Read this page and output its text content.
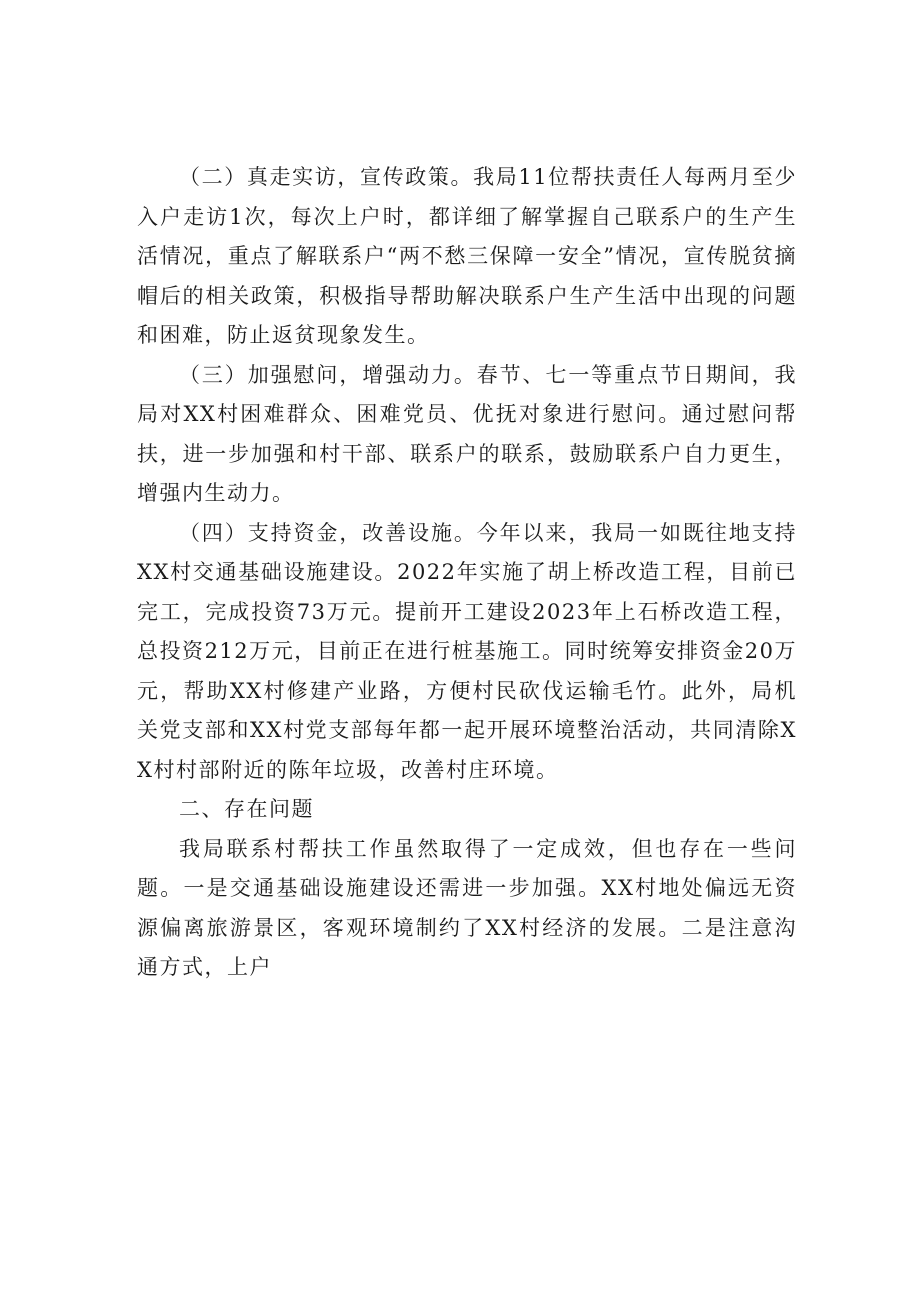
（二）真走实访，宣传政策。我局11位帮扶责任人每两月至少入户走访1次，每次上户时，都详细了解掌握自己联系户的生产生活情况，重点了解联系户“两不愁三保障一安全”情况，宣传脱贫摘帽后的相关政策，积极指导帮助解决联系户生产生活中出现的问题和困难，防止返贫现象发生。

（三）加强慰问，增强动力。春节、七一等重点节日期间，我局对XX村困难群众、困难党员、优抚对象进行慰问。通过慰问帮扶，进一步加强和村干部、联系户的联系，鼓励联系户自力更生，增强内生动力。

（四）支持资金，改善设施。今年以来，我局一如既往地支持XX村交通基础设施建设。2022年实施了胡上桥改造工程，目前已完工，完成投资73万元。提前开工建设2023年上石桥改造工程，总投资212万元，目前正在进行桩基施工。同时统筹安排资金20万元，帮助XX村修建产业路，方便村民砍伐运输毛竹。此外，局机关党支部和XX村党支部每年都一起开展环境整治活动，共同清除XX村村部附近的陈年垃圾，改善村庄环境。

二、存在问题

我局联系村帮扶工作虽然取得了一定成效，但也存在一些问题。一是交通基础设施建设还需进一步加强。XX村地处偏远无资源偏离旅游景区，客观环境制约了XX村经济的发展。二是注意沟通方式，上户
